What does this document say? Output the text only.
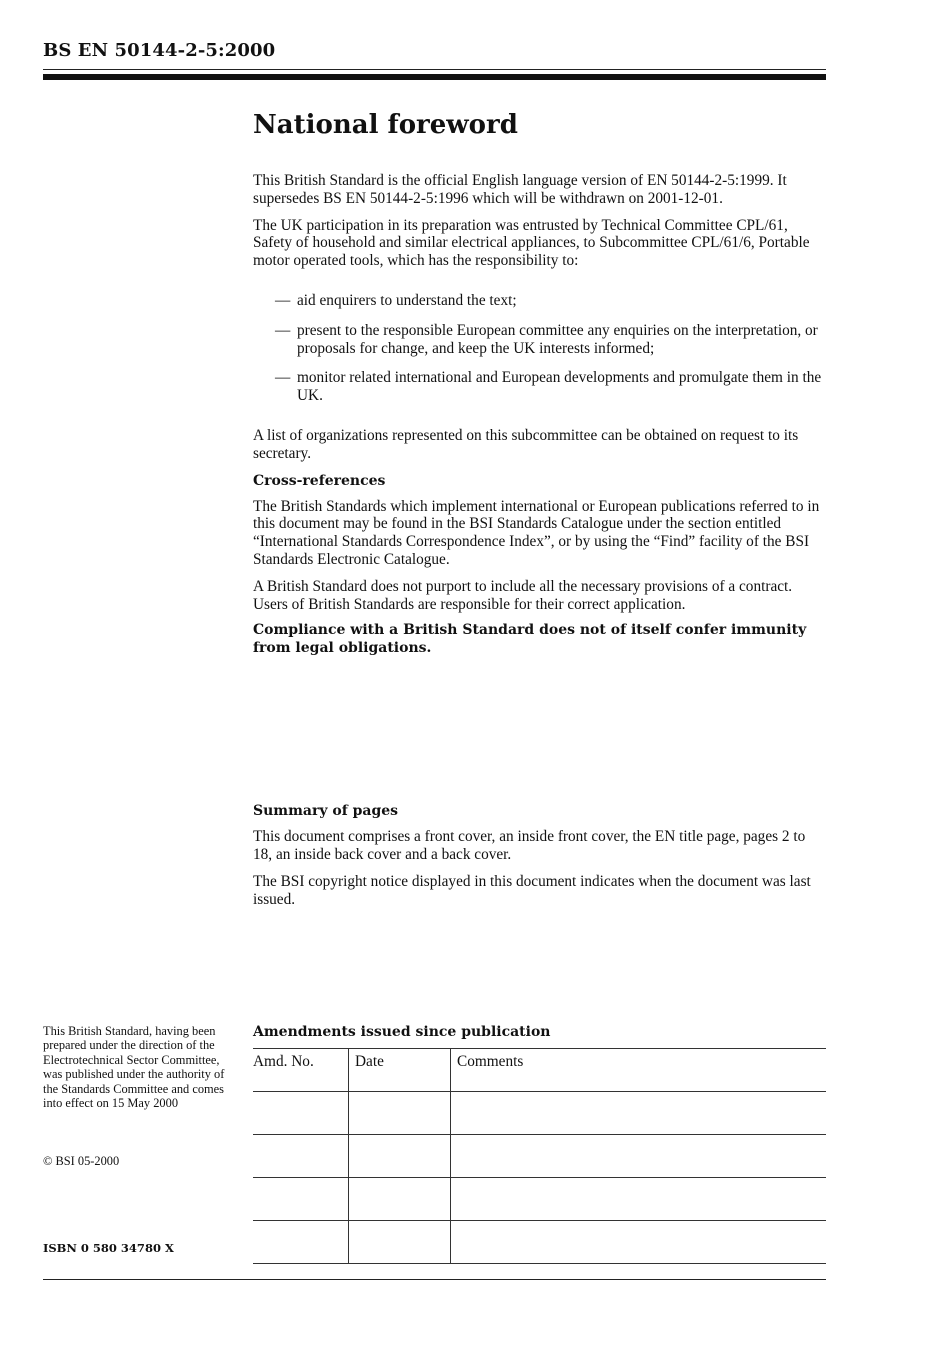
BS EN 50144-2-5:2000
National foreword

This British Standard is the official English language version of EN 50144-2-5:1999. It supersedes BS EN 50144-2-5:1996 which will be withdrawn on 2001-12-01.

The UK participation in its preparation was entrusted by Technical Committee CPL/61, Safety of household and similar electrical appliances, to Subcommittee CPL/61/6, Portable motor operated tools, which has the responsibility to:

— aid enquirers to understand the text;
— present to the responsible European committee any enquiries on the interpretation, or proposals for change, and keep the UK interests informed;
— monitor related international and European developments and promulgate them in the UK.

A list of organizations represented on this subcommittee can be obtained on request to its secretary.

Cross-references

The British Standards which implement international or European publications referred to in this document may be found in the BSI Standards Catalogue under the section entitled “International Standards Correspondence Index”, or by using the “Find” facility of the BSI Standards Electronic Catalogue.

A British Standard does not purport to include all the necessary provisions of a contract. Users of British Standards are responsible for their correct application.

Compliance with a British Standard does not of itself confer immunity from legal obligations.
Summary of pages

This document comprises a front cover, an inside front cover, the EN title page, pages 2 to 18, an inside back cover and a back cover.

The BSI copyright notice displayed in this document indicates when the document was last issued.

This British Standard, having been prepared under the direction of the Electrotechnical Sector Committee, was published under the authority of the Standards Committee and comes into effect on 15 May 2000
© BSI 05-2000
ISBN 0 580 34780 X
Amendments issued since publication
Amd. No.	Date	Comments
